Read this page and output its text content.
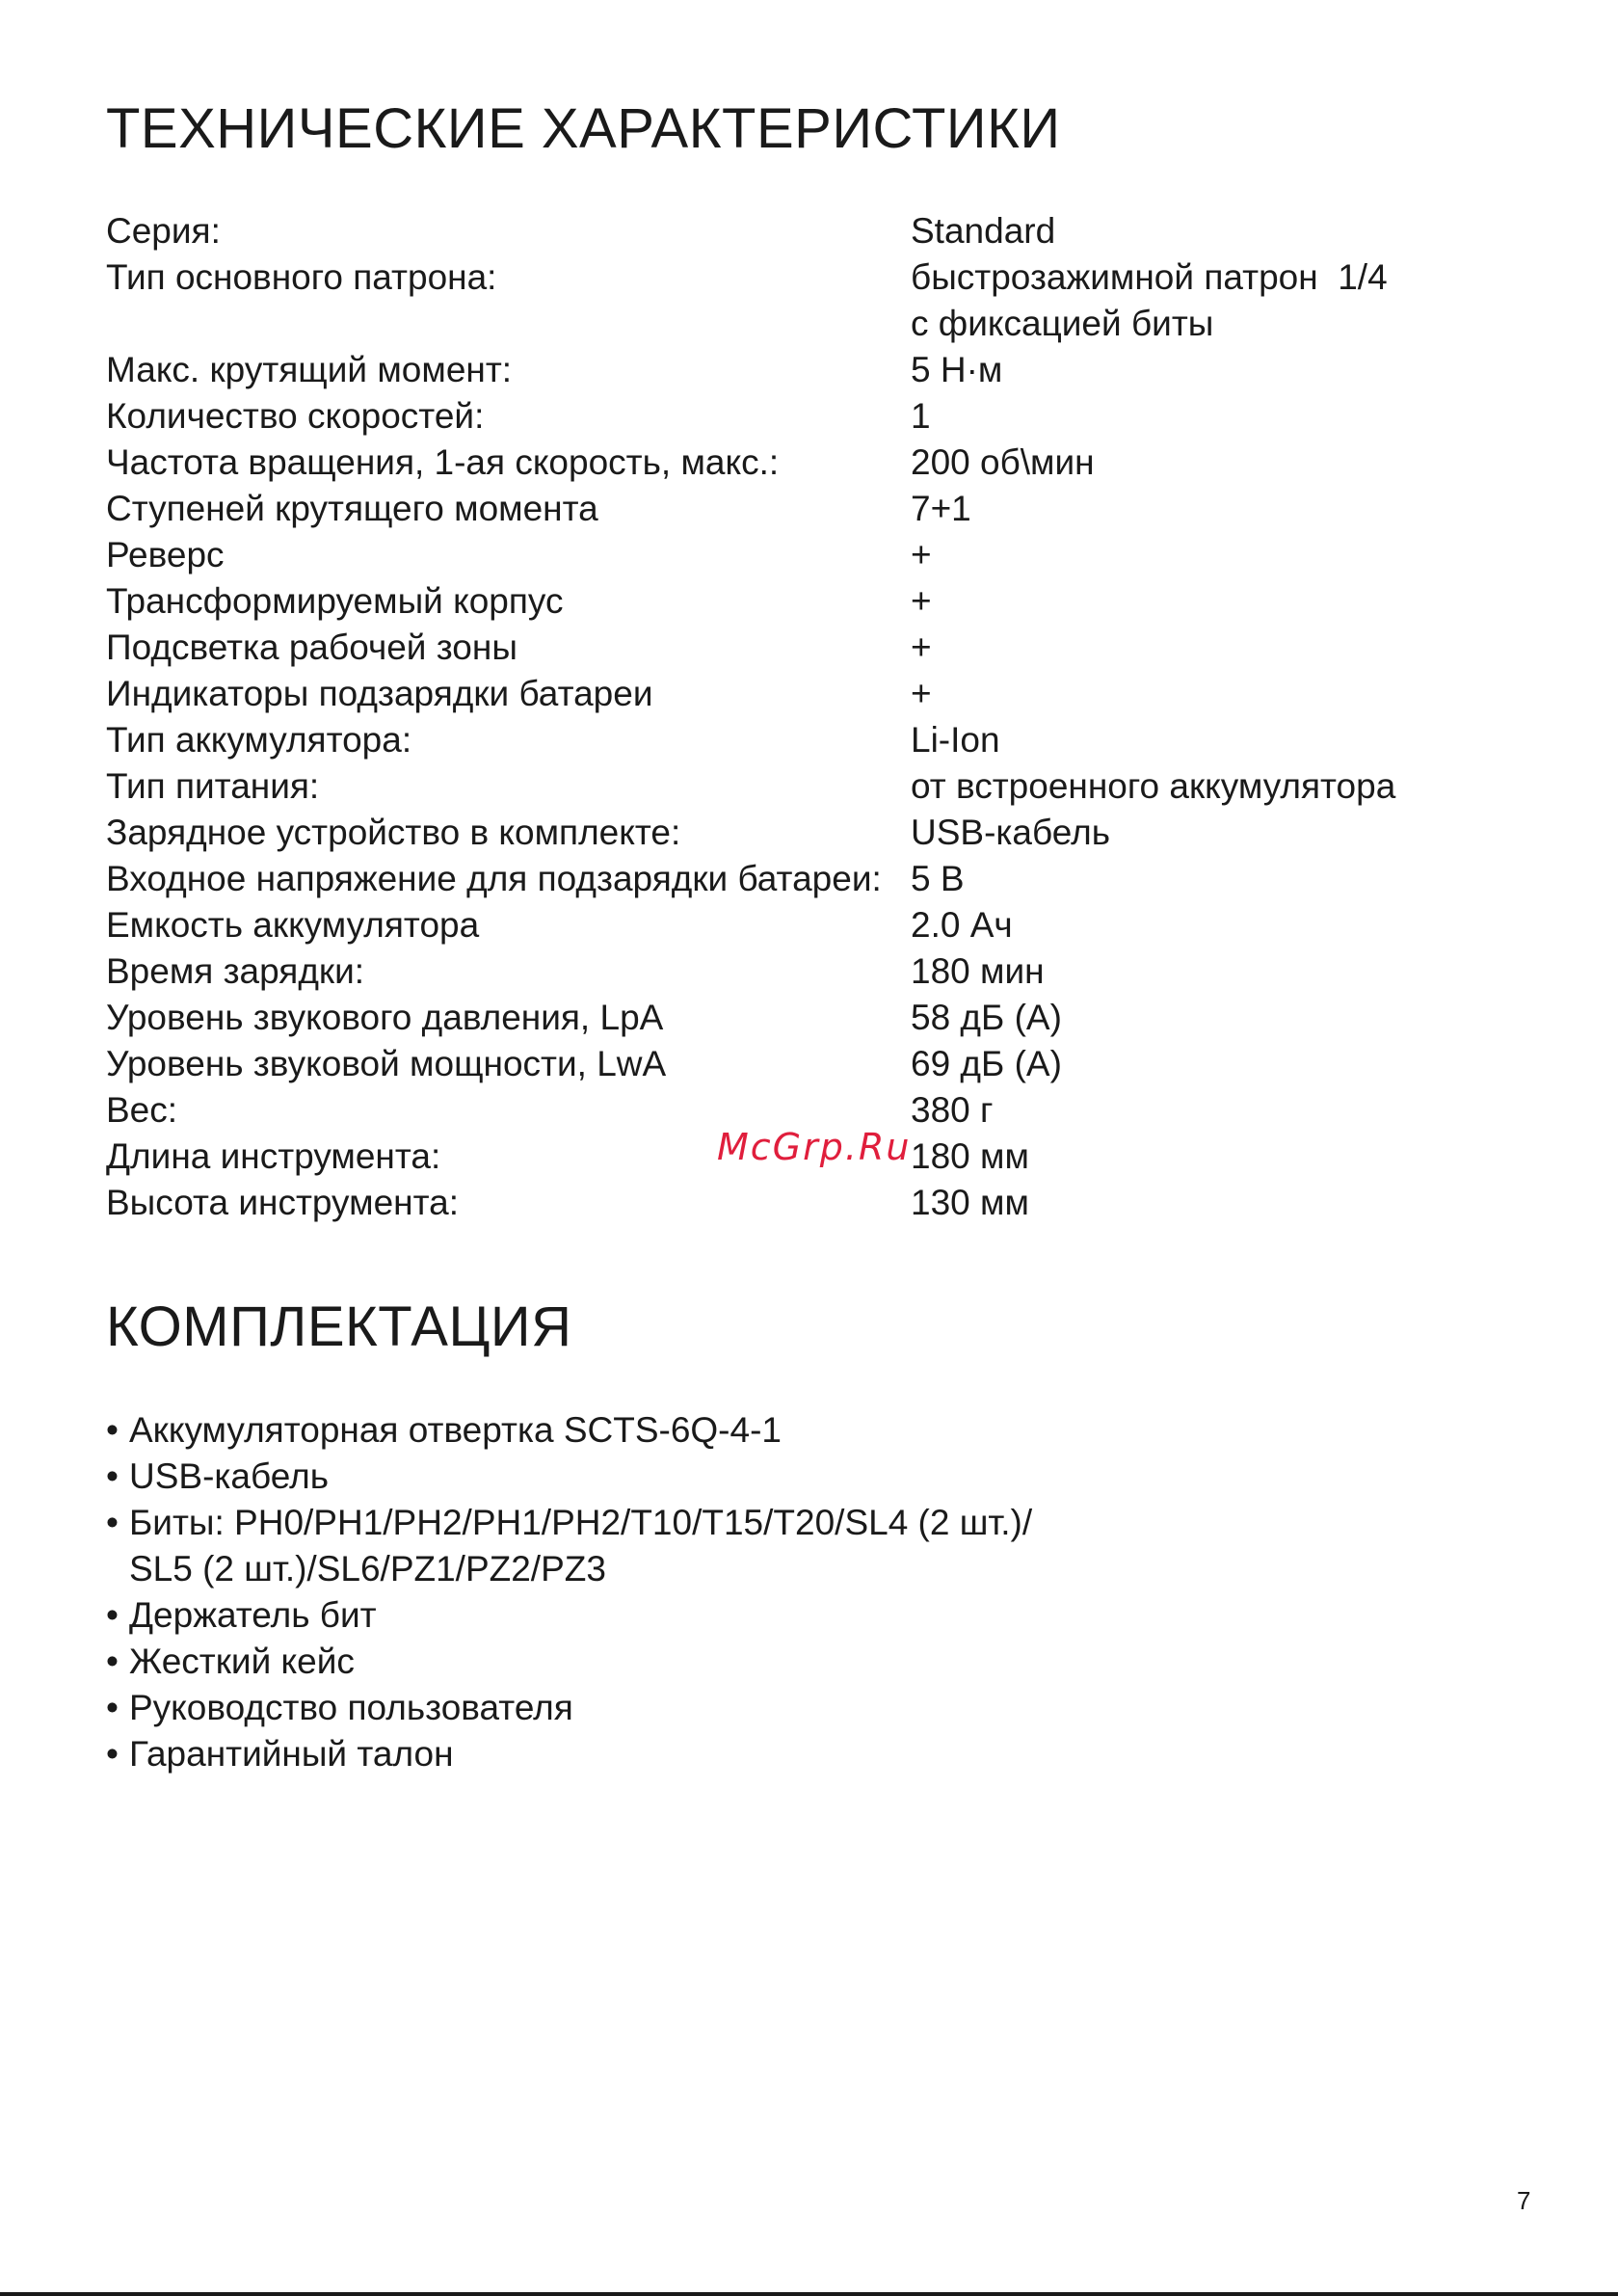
ТЕХНИЧЕСКИЕ ХАРАКТЕРИСТИКИ
Серия:	Standard
Тип основного патрона:	быстрозажимной патрон  1/4
с фиксацией биты
Макс. крутящий момент:	5 Н·м
Количество скоростей:	1
Частота вращения, 1-ая скорость, макс.:	200 об\мин
Ступеней крутящего момента	7+1
Реверс	+
Трансформируемый корпус	+
Подсветка рабочей зоны	+
Индикаторы подзарядки батареи	+
Тип аккумулятора:	Li-Ion
Тип питания:	от встроенного аккумулятора
Зарядное устройство в комплекте:	USB-кабель
Входное напряжение для подзарядки батареи: 5 В
Емкость аккумулятора	2.0 Ач
Время зарядки:	180 мин
Уровень звукового давления, LpA	58 дБ (А)
Уровень звуковой мощности, LwA	69 дБ (А)
Вес:	380 г
Длина инструмента:	180 мм
Высота инструмента:	130 мм
McGrp.Ru
КОМПЛЕКТАЦИЯ
• Аккумуляторная отвертка SCTS-6Q-4-1
• USB-кабель
• Биты: PH0/PH1/PH2/PH1/PH2/T10/T15/T20/SL4 (2 шт.)/
SL5 (2 шт.)/SL6/PZ1/PZ2/PZ3
• Держатель бит
• Жесткий кейс
• Руководство пользователя
• Гарантийный талон
7
